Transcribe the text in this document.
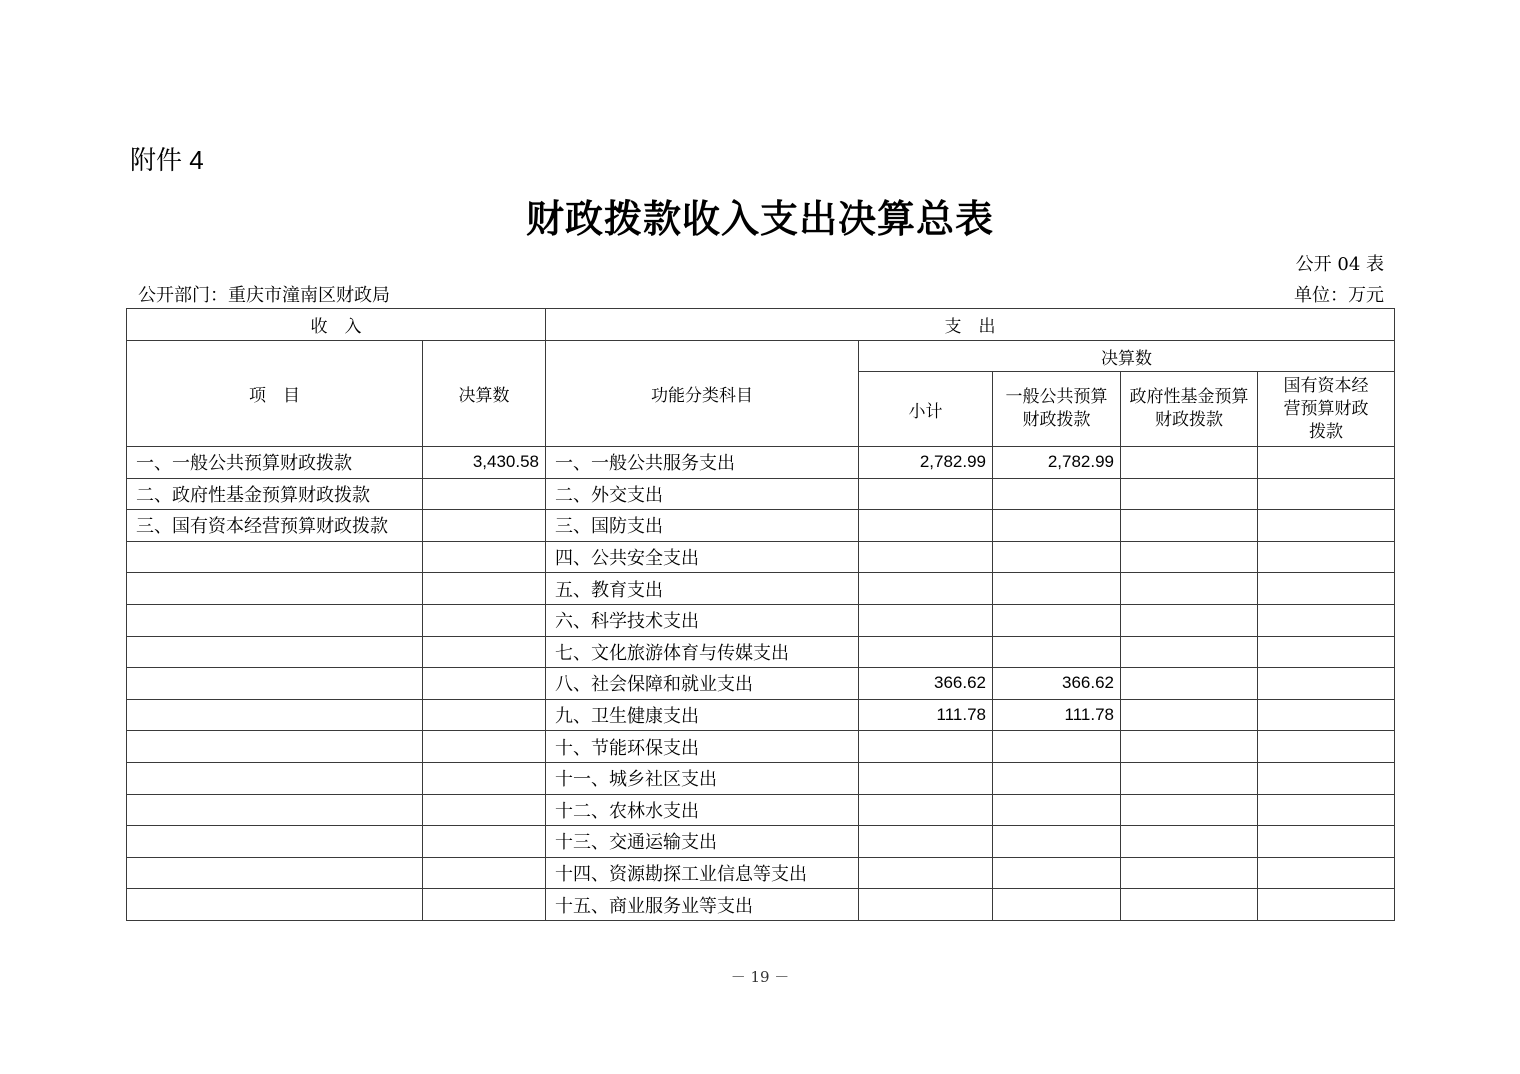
附件 4
财政拨款收入支出决算总表
公开 04 表
公开部门：重庆市潼南区财政局	单位：万元
收　入		支　出				
项　目	决算数	功能分类科目	决算数			
			小计	一般公共预算财政拨款	政府性基金预算财政拨款	国有资本经营预算财政拨款
一、一般公共预算财政拨款	3,430.58	一、一般公共服务支出	2,782.99	2,782.99		
二、政府性基金预算财政拨款		二、外交支出				
三、国有资本经营预算财政拨款		三、国防支出				
		四、公共安全支出				
		五、教育支出				
		六、科学技术支出				
		七、文化旅游体育与传媒支出				
		八、社会保障和就业支出	366.62	366.62		
		九、卫生健康支出	111.78	111.78		
		十、节能环保支出				
		十一、城乡社区支出				
		十二、农林水支出				
		十三、交通运输支出				
		十四、资源勘探工业信息等支出				
		十五、商业服务业等支出				
－ 19 －
